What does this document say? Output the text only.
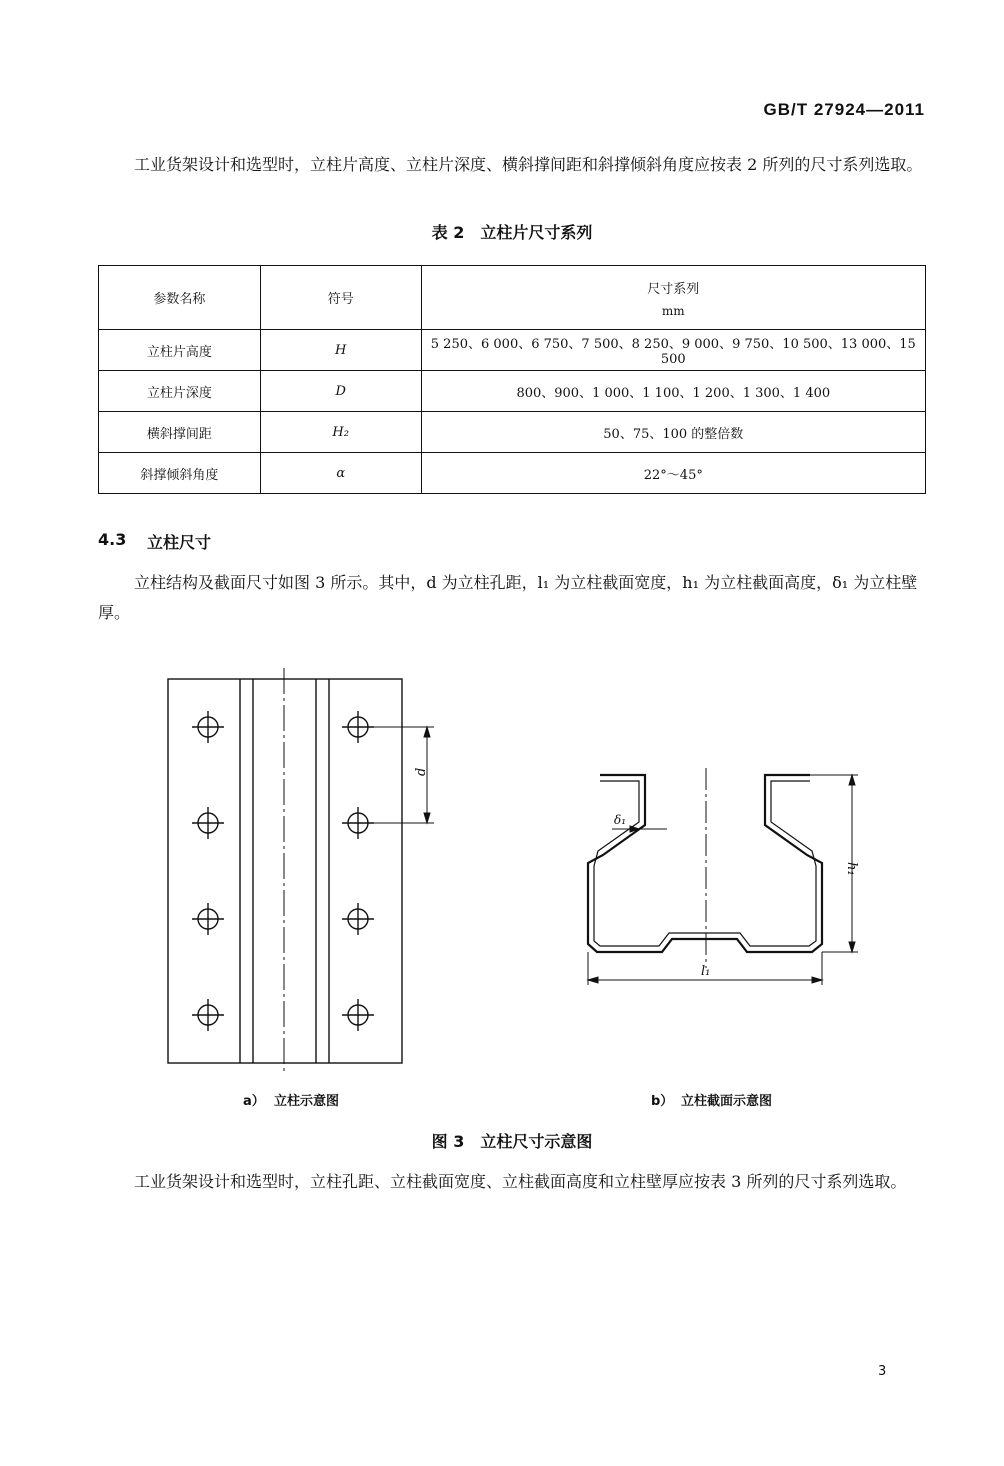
GB/T 27924—2011

工业货架设计和选型时，立柱片高度、立柱片深度、横斜撑间距和斜撑倾斜角度应按表 2 所列的尺寸系列选取。

表 2　立柱片尺寸系列
参数名称	符号	尺寸系列
mm

立柱片高度	H	5 250、6 000、6 750、7 500、8 250、9 000、9 750、10 500、13 000、15 500
立柱片深度	D	800、900、1 000、1 100、1 200、1 300、1 400
横斜撑间距	H₂	50、75、100 的整倍数
斜撑倾斜角度	α	22°～45°
4.3 立柱尺寸

立柱结构及截面尺寸如图 3 所示。其中，d 为立柱孔距，l₁ 为立柱截面宽度，h₁ 为立柱截面高度，δ₁ 为立柱壁厚。

d
l₁
h₁
δ₁
a） 立柱示意图	b） 立柱截面示意图
图 3　立柱尺寸示意图

工业货架设计和选型时，立柱孔距、立柱截面宽度、立柱截面高度和立柱壁厚应按表 3 所列的尺寸系列选取。

3
